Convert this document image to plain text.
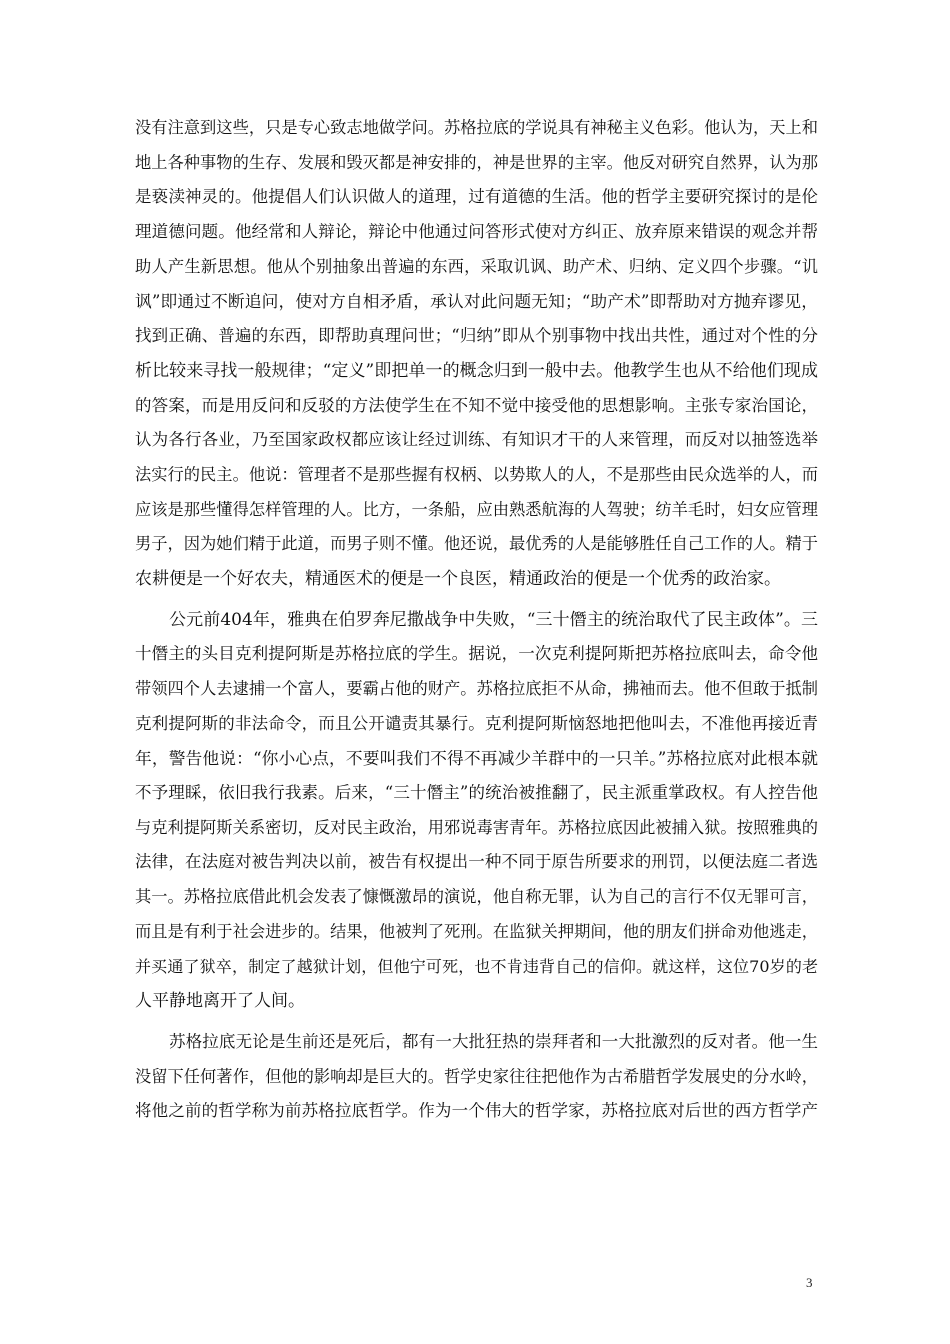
没有注意到这些，只是专心致志地做学问。苏格拉底的学说具有神秘主义色彩。他认为，天上和
地上各种事物的生存、发展和毁灭都是神安排的，神是世界的主宰。他反对研究自然界，认为那
是亵渎神灵的。他提倡人们认识做人的道理，过有道德的生活。他的哲学主要研究探讨的是伦
理道德问题。他经常和人辩论，辩论中他通过问答形式使对方纠正、放弃原来错误的观念并帮
助人产生新思想。他从个别抽象出普遍的东西，采取讥讽、助产术、归纳、定义四个步骤。“讥
讽”即通过不断追问，使对方自相矛盾，承认对此问题无知；“助产术”即帮助对方抛弃谬见，
找到正确、普遍的东西，即帮助真理问世；“归纳”即从个别事物中找出共性，通过对个性的分
析比较来寻找一般规律；“定义”即把单一的概念归到一般中去。他教学生也从不给他们现成
的答案，而是用反问和反驳的方法使学生在不知不觉中接受他的思想影响。主张专家治国论，
认为各行各业，乃至国家政权都应该让经过训练、有知识才干的人来管理，而反对以抽签选举
法实行的民主。他说：管理者不是那些握有权柄、以势欺人的人，不是那些由民众选举的人，而
应该是那些懂得怎样管理的人。比方，一条船，应由熟悉航海的人驾驶；纺羊毛时，妇女应管理
男子，因为她们精于此道，而男子则不懂。他还说，最优秀的人是能够胜任自己工作的人。精于
农耕便是一个好农夫，精通医术的便是一个良医，精通政治的便是一个优秀的政治家。
公元前404年，雅典在伯罗奔尼撒战争中失败，“三十僭主的统治取代了民主政体”。三
十僭主的头目克利提阿斯是苏格拉底的学生。据说，一次克利提阿斯把苏格拉底叫去，命令他
带领四个人去逮捕一个富人，要霸占他的财产。苏格拉底拒不从命，拂袖而去。他不但敢于抵制
克利提阿斯的非法命令，而且公开谴责其暴行。克利提阿斯恼怒地把他叫去，不准他再接近青
年，警告他说：“你小心点，不要叫我们不得不再减少羊群中的一只羊。”苏格拉底对此根本就
不予理睬，依旧我行我素。后来，“三十僭主”的统治被推翻了，民主派重掌政权。有人控告他
与克利提阿斯关系密切，反对民主政治，用邪说毒害青年。苏格拉底因此被捕入狱。按照雅典的
法律，在法庭对被告判决以前，被告有权提出一种不同于原告所要求的刑罚，以便法庭二者选
其一。苏格拉底借此机会发表了慷慨激昂的演说，他自称无罪，认为自己的言行不仅无罪可言，
而且是有利于社会进步的。结果，他被判了死刑。在监狱关押期间，他的朋友们拼命劝他逃走，
并买通了狱卒，制定了越狱计划，但他宁可死，也不肯违背自己的信仰。就这样，这位70岁的老
人平静地离开了人间。
苏格拉底无论是生前还是死后，都有一大批狂热的崇拜者和一大批激烈的反对者。他一生
没留下任何著作，但他的影响却是巨大的。哲学史家往往把他作为古希腊哲学发展史的分水岭，
将他之前的哲学称为前苏格拉底哲学。作为一个伟大的哲学家，苏格拉底对后世的西方哲学产
3
